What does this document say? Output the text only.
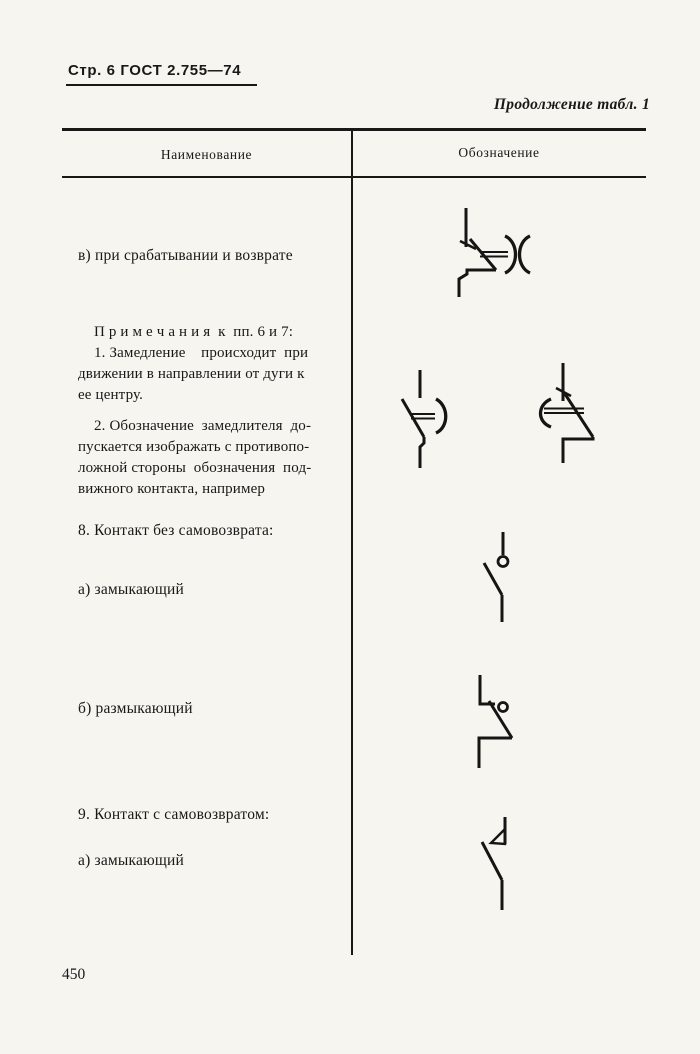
Стр. 6 ГОСТ 2.755—74
Продолжение табл. 1
Наименование	Обозначение
в) при срабатывании и возврате
П р и м е ч а н и я  к  пп. 6 и 7:
1. Замедление    происходит  при
движении в направлении от дуги к
ее центру.
2. Обозначение  замедлителя  до-
пускается изображать с противопо-
ложной стороны  обозначения  под-
вижного контакта, например
8. Контакт без самовозврата:
а) замыкающий
б) размыкающий
9. Контакт с самовозвратом:
а) замыкающий
450
